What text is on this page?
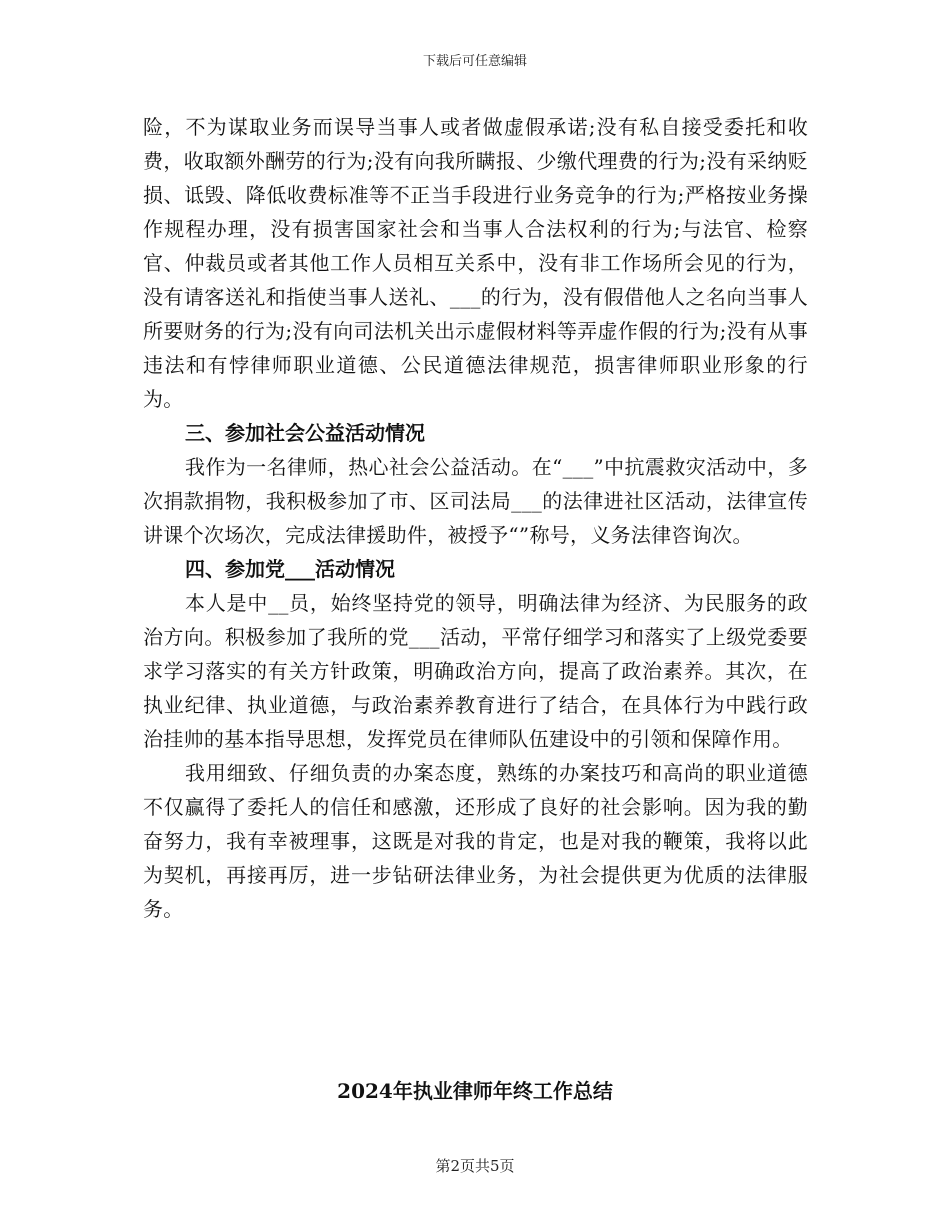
下载后可任意编辑

险，不为谋取业务而误导当事人或者做虚假承诺;没有私自接受委托和收费，收取额外酬劳的行为;没有向我所瞒报、少缴代理费的行为;没有采纳贬损、诋毁、降低收费标准等不正当手段进行业务竞争的行为;严格按业务操作规程办理，没有损害国家社会和当事人合法权利的行为;与法官、检察官、仲裁员或者其他工作人员相互关系中，没有非工作场所会见的行为，没有请客送礼和指使当事人送礼、___的行为，没有假借他人之名向当事人所要财务的行为;没有向司法机关出示虚假材料等弄虚作假的行为;没有从事违法和有悖律师职业道德、公民道德法律规范，损害律师职业形象的行为。

三、参加社会公益活动情况

我作为一名律师，热心社会公益活动。在“___”中抗震救灾活动中，多次捐款捐物，我积极参加了市、区司法局___的法律进社区活动，法律宣传讲课个次场次，完成法律援助件，被授予“”称号，义务法律咨询次。

四、参加党___活动情况

本人是中__员，始终坚持党的领导，明确法律为经济、为民服务的政治方向。积极参加了我所的党___活动，平常仔细学习和落实了上级党委要求学习落实的有关方针政策，明确政治方向，提高了政治素养。其次，在执业纪律、执业道德，与政治素养教育进行了结合，在具体行为中践行政治挂帅的基本指导思想，发挥党员在律师队伍建设中的引领和保障作用。

我用细致、仔细负责的办案态度，熟练的办案技巧和高尚的职业道德不仅赢得了委托人的信任和感激，还形成了良好的社会影响。因为我的勤奋努力，我有幸被理事，这既是对我的肯定，也是对我的鞭策，我将以此为契机，再接再厉，进一步钻研法律业务，为社会提供更为优质的法律服务。

2024年执业律师年终工作总结
第2页共5页
